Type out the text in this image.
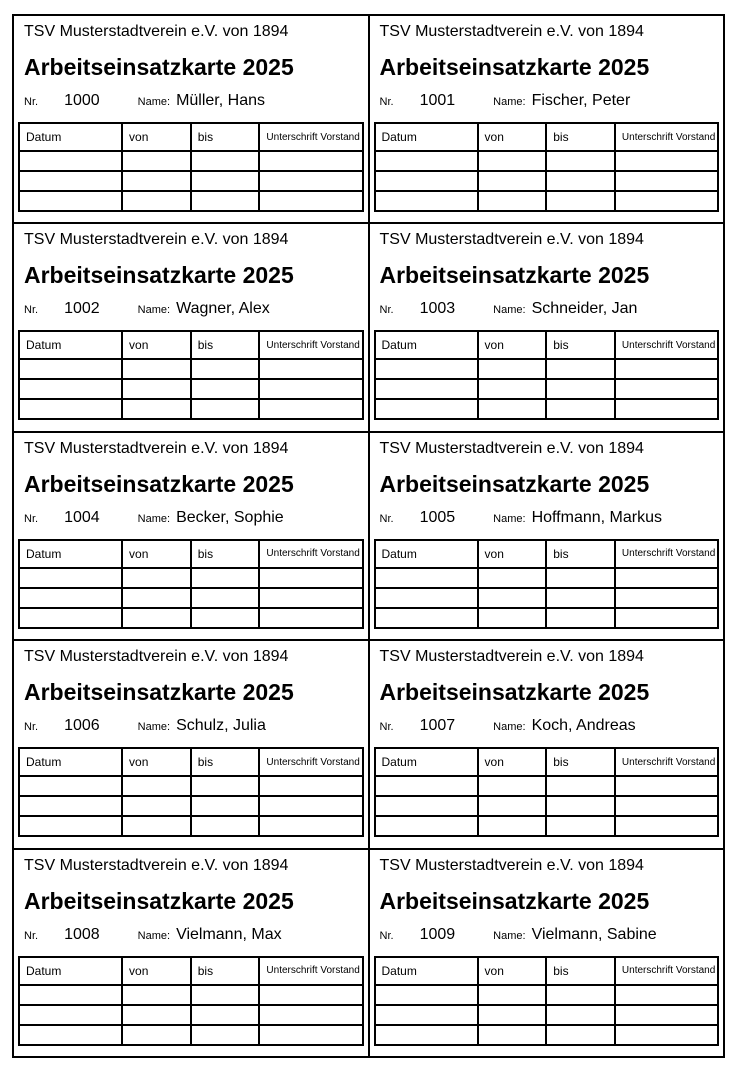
TSV Musterstadtverein e.V. von 1894
Arbeitseinsatzkarte 2025
Nr. 1000	Name: Müller, Hans
Datum	von	bis	Unterschrift Vorstand

TSV Musterstadtverein e.V. von 1894
Arbeitseinsatzkarte 2025
Nr. 1001	Name: Fischer, Peter
Datum	von	bis	Unterschrift Vorstand

TSV Musterstadtverein e.V. von 1894
Arbeitseinsatzkarte 2025
Nr. 1002	Name: Wagner, Alex
Datum	von	bis	Unterschrift Vorstand

TSV Musterstadtverein e.V. von 1894
Arbeitseinsatzkarte 2025
Nr. 1003	Name: Schneider, Jan
Datum	von	bis	Unterschrift Vorstand

TSV Musterstadtverein e.V. von 1894
Arbeitseinsatzkarte 2025
Nr. 1004	Name: Becker, Sophie
Datum	von	bis	Unterschrift Vorstand

TSV Musterstadtverein e.V. von 1894
Arbeitseinsatzkarte 2025
Nr. 1005	Name: Hoffmann, Markus
Datum	von	bis	Unterschrift Vorstand

TSV Musterstadtverein e.V. von 1894
Arbeitseinsatzkarte 2025
Nr. 1006	Name: Schulz, Julia
Datum	von	bis	Unterschrift Vorstand

TSV Musterstadtverein e.V. von 1894
Arbeitseinsatzkarte 2025
Nr. 1007	Name: Koch, Andreas
Datum	von	bis	Unterschrift Vorstand

TSV Musterstadtverein e.V. von 1894
Arbeitseinsatzkarte 2025
Nr. 1008	Name: Vielmann, Max
Datum	von	bis	Unterschrift Vorstand

TSV Musterstadtverein e.V. von 1894
Arbeitseinsatzkarte 2025
Nr. 1009	Name: Vielmann, Sabine
Datum	von	bis	Unterschrift Vorstand
